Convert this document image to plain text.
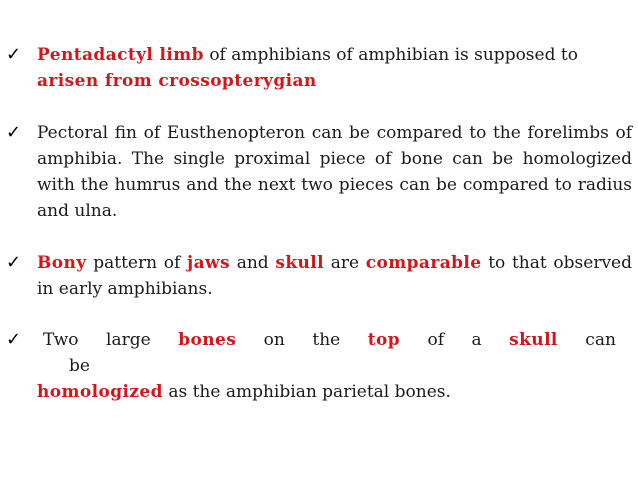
✓ Pentadactyl limb of amphibians of amphibian is supposed to arisen from crossopterygian
✓ Pectoral fin of Eusthenopteron can be compared to the forelimbs of amphibia. The single proximal piece of bone can be homologized with the humrus and the next two pieces can be compared to radius and ulna.
✓ Bony pattern of jaws and skull are comparable to that observed in early amphibians.
✓	Two large bones on the top of a skull can
be
homologized as the amphibian parietal bones.
